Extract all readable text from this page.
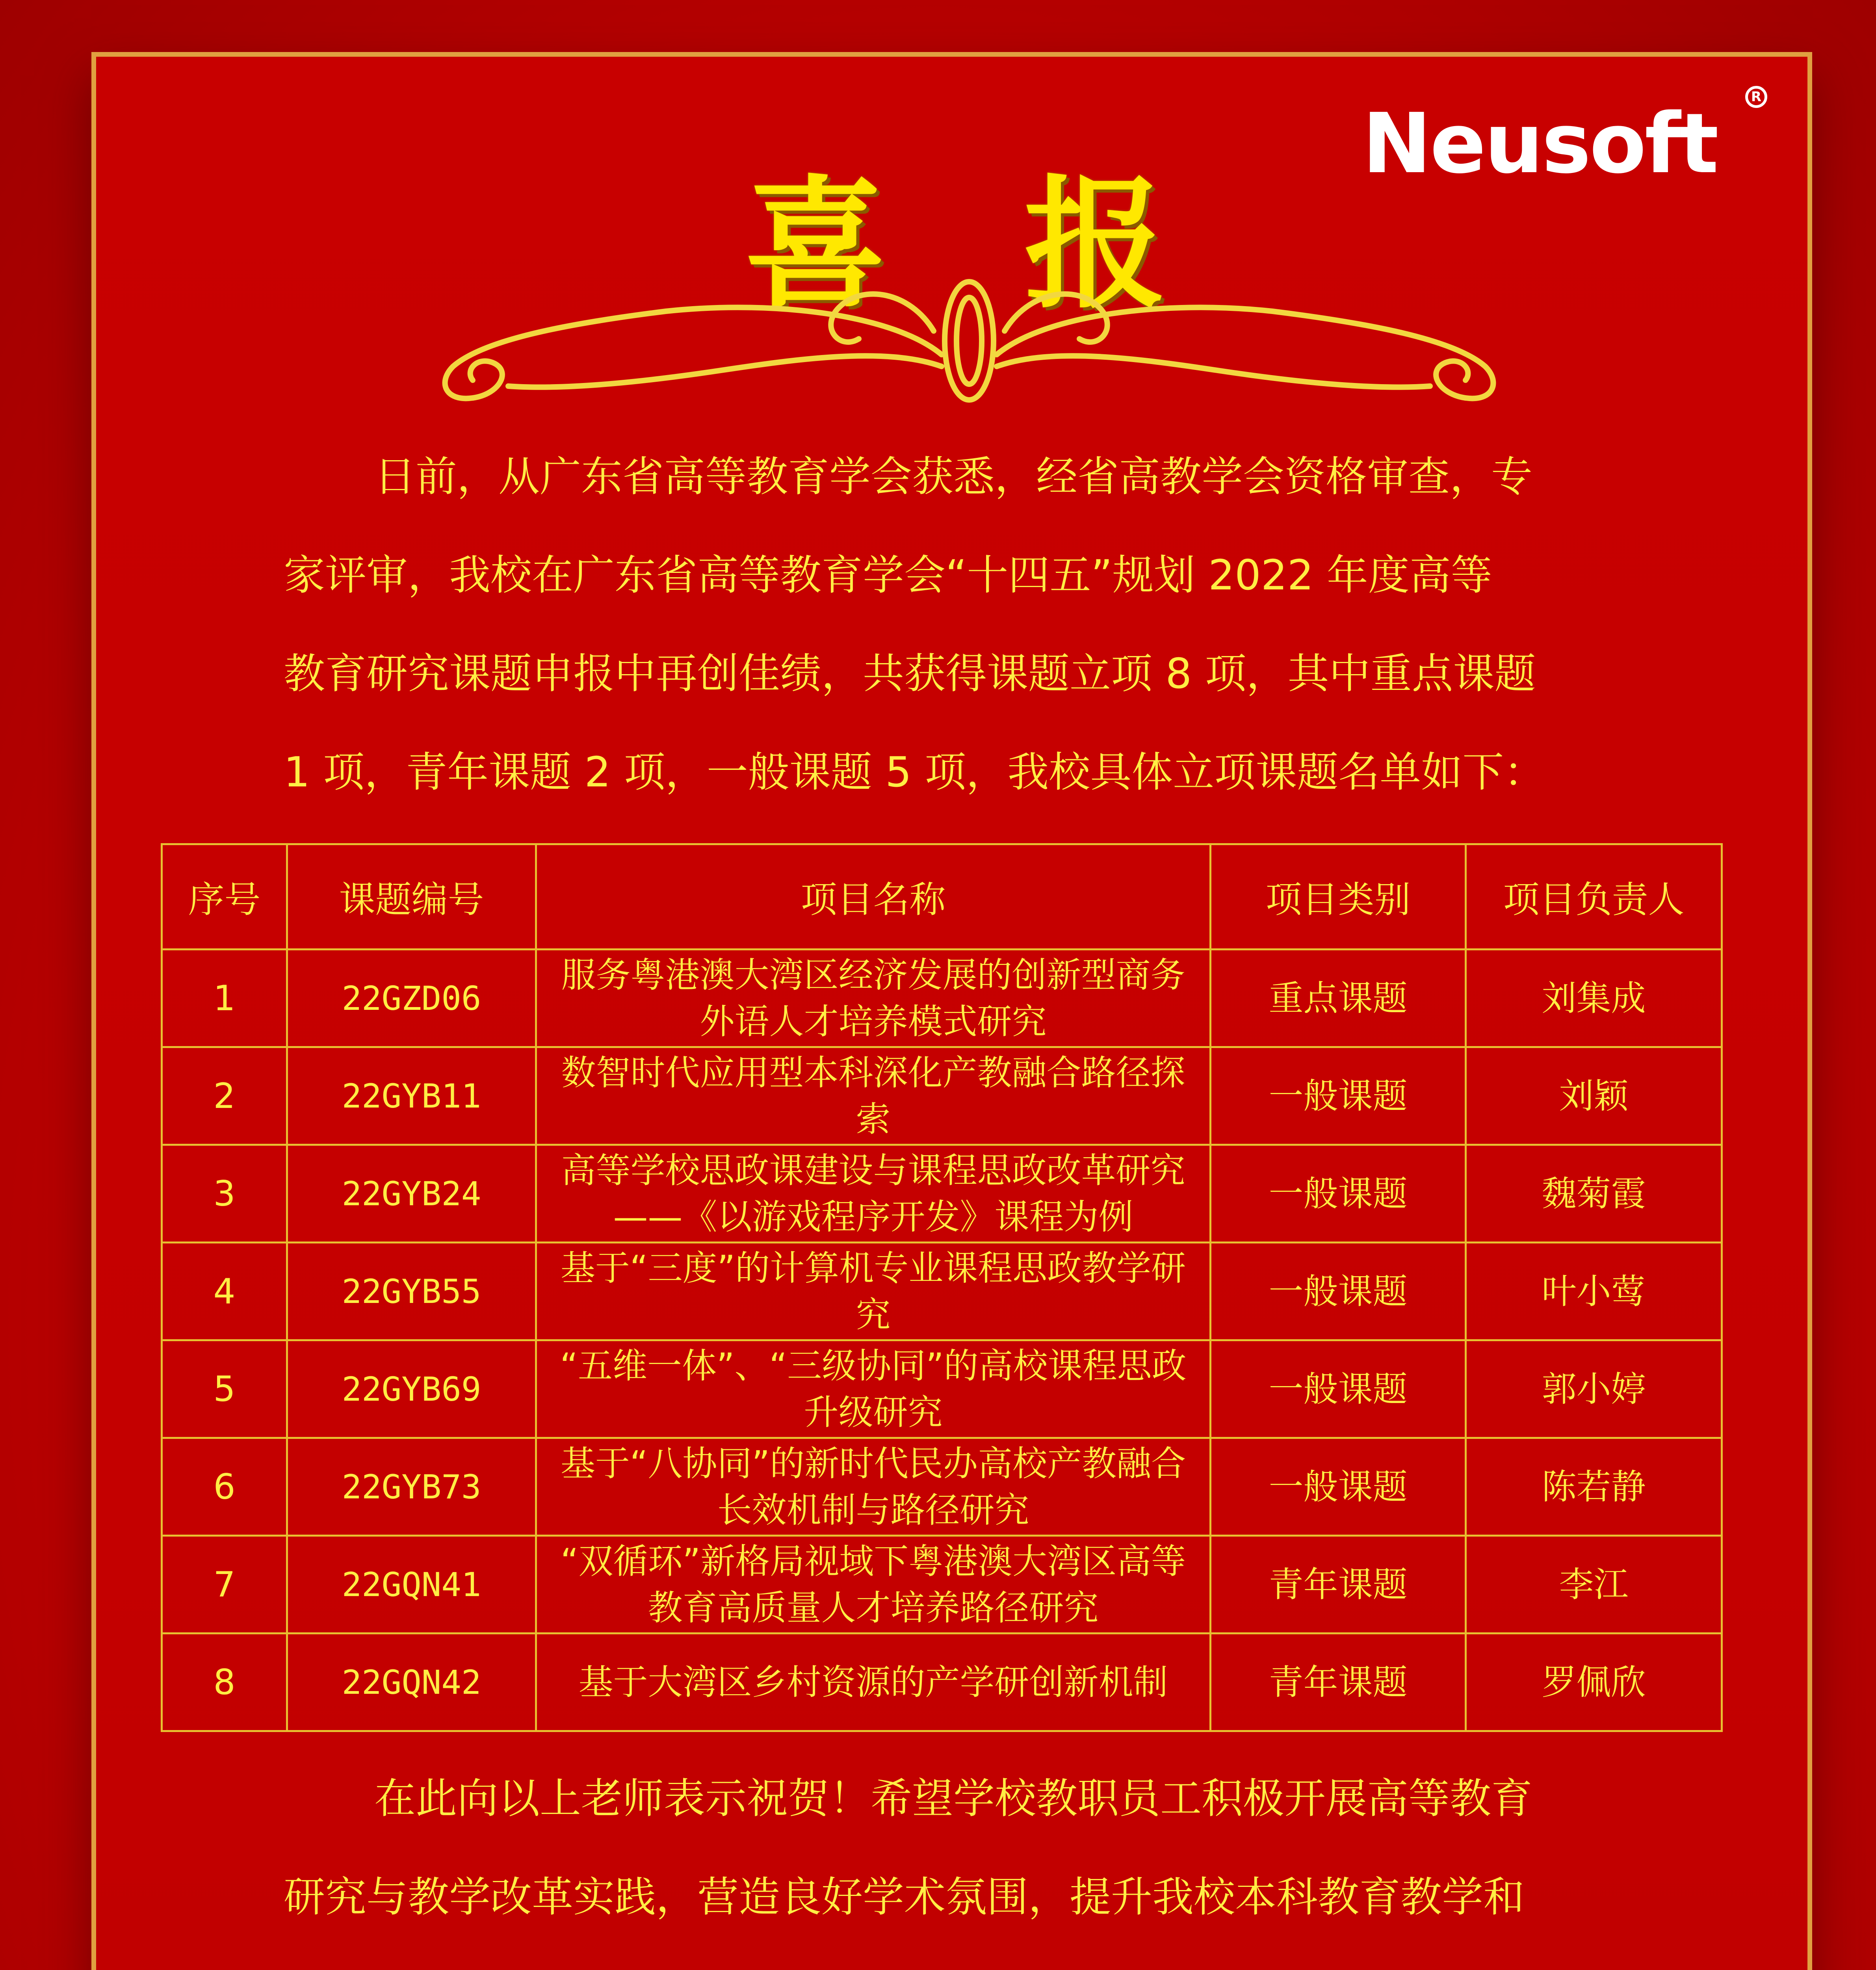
Neusoft	R
喜 报

日前，从广东省高等教育学会获悉，经省高教学会资格审查，专

家评审，我校在广东省高等教育学会“十四五”规划 2022 年度高等

教育研究课题申报中再创佳绩，共获得课题立项 8 项，其中重点课题

1 项，青年课题 2 项，一般课题 5 项，我校具体立项课题名单如下：

序号	课题编号	项目名称	项目类别	项目负责人
1	22GZD06	服务粤港澳大湾区经济发展的创新型商务外语人才培养模式研究	重点课题	刘集成
2	22GYB11	数智时代应用型本科深化产教融合路径探索	一般课题	刘颖
3	22GYB24	高等学校思政课建设与课程思政改革研究——《以游戏程序开发》课程为例	一般课题	魏菊霞
4	22GYB55	基于“三度”的计算机专业课程思政教学研究	一般课题	叶小莺
5	22GYB69	“五维一体”、“三级协同”的高校课程思政升级研究	一般课题	郭小婷
6	22GYB73	基于“八协同”的新时代民办高校产教融合长效机制与路径研究	一般课题	陈若静
7	22GQN41	“双循环”新格局视域下粤港澳大湾区高等教育高质量人才培养路径研究	青年课题	李江
8	22GQN42	基于大湾区乡村资源的产学研创新机制	青年课题	罗佩欣

在此向以上老师表示祝贺！希望学校教职员工积极开展高等教育

研究与教学改革实践，营造良好学术氛围，提升我校本科教育教学和
